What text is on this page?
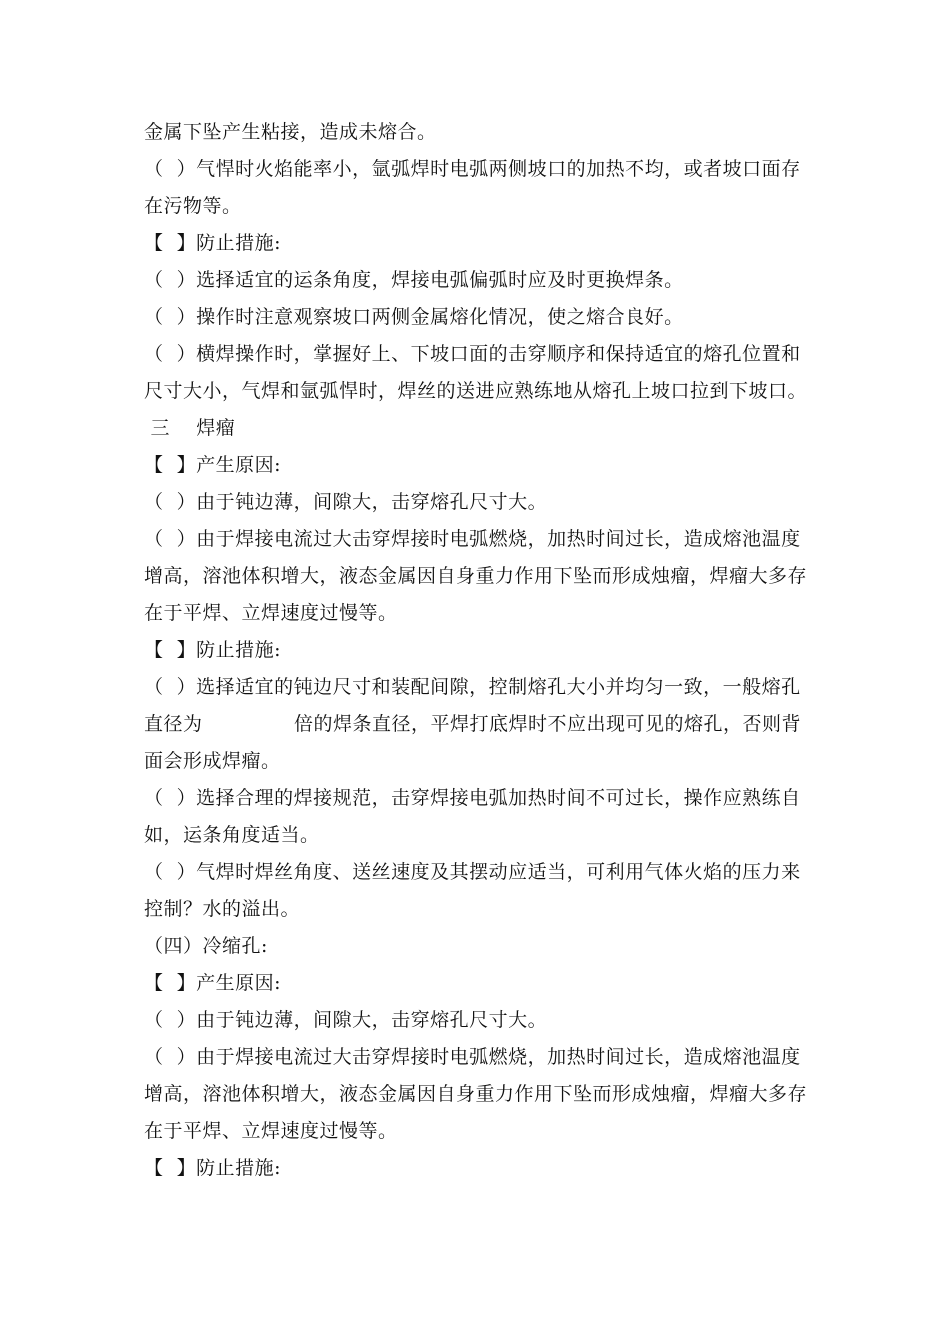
金属下坠产生粘接，造成未熔合。

（  ）气悍时火焰能率小，氩弧焊时电弧两侧坡口的加热不均，或者坡口面存在污物等。

【  】防止措施:

（  ）选择适宜的运条角度，焊接电弧偏弧时应及时更换焊条。

（  ）操作时注意观察坡口两侧金属熔化情况，使之熔合良好。

（  ）横焊操作时，掌握好上、下坡口面的击穿顺序和保持适宜的熔孔位置和尺寸大小，气焊和氩弧悍时，焊丝的送进应熟练地从熔孔上坡口拉到下坡口。

三    焊瘤

【  】产生原因:

（  ）由于钝边薄，间隙大，击穿熔孔尺寸大。

（  ）由于焊接电流过大击穿焊接时电弧燃烧，加热时间过长，造成熔池温度增高，溶池体积增大，液态金属因自身重力作用下坠而形成烛瘤，焊瘤大多存在于平焊、立焊速度过慢等。

【  】防止措施:

（  ）选择适宜的钝边尺寸和装配间隙，控制熔孔大小并均匀一致，一般熔孔直径为              倍的焊条直径，平焊打底焊时不应出现可见的熔孔，否则背面会形成焊瘤。

（  ）选择合理的焊接规范，击穿焊接电弧加热时间不可过长，操作应熟练自如，运条角度适当。

（  ）气焊时焊丝角度、送丝速度及其摆动应适当，可利用气体火焰的压力来控制？水的溢出。

（四）冷缩孔:

【  】产生原因:

（  ）由于钝边薄，间隙大，击穿熔孔尺寸大。

（  ）由于焊接电流过大击穿焊接时电弧燃烧，加热时间过长，造成熔池温度增高，溶池体积增大，液态金属因自身重力作用下坠而形成烛瘤，焊瘤大多存在于平焊、立焊速度过慢等。

【  】防止措施:
